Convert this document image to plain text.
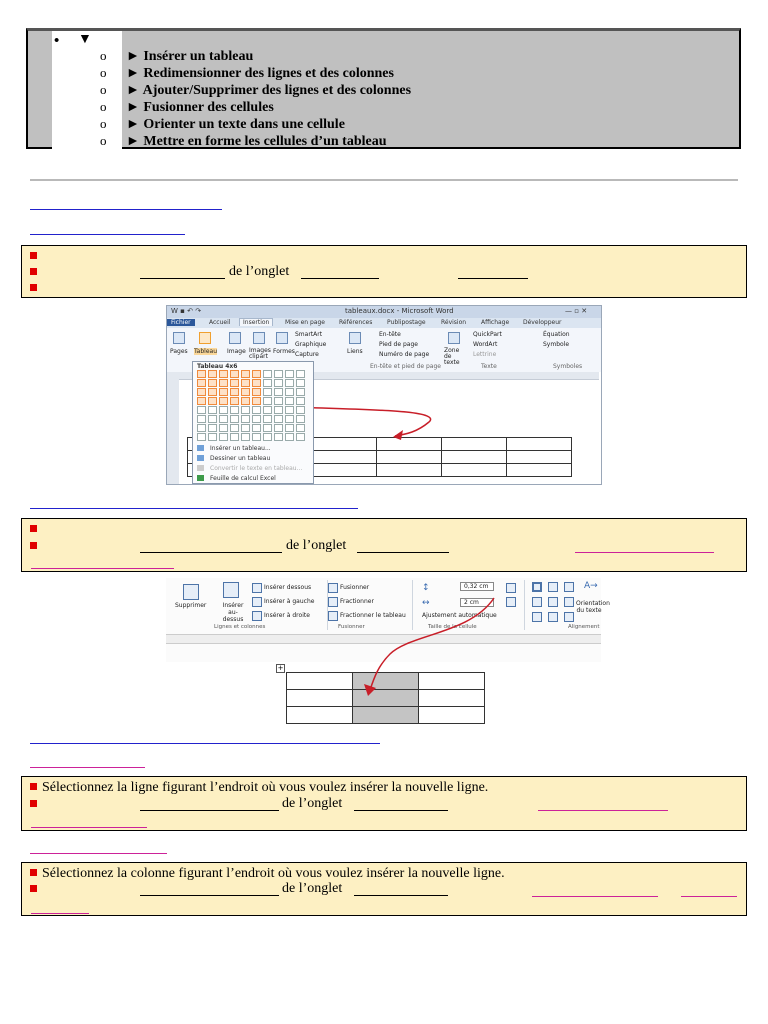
• ▼
o ► Insérer un tableau
o ► Redimensionner des lignes et des colonnes
o ► Ajouter/Supprimer des lignes et des colonnes
o ► Fusionner des cellules
o ► Orienter un texte dans une cellule
o ► Mettre en forme les cellules d’un tableau
de l’onglet
W ▪ ↶ ↷	tableaux.docx - Microsoft Word	— ▫ ✕
Fichier	Accueil	Insertion	Mise en page Références Publipostage	Révision Affichage Développeur
Pages Tableau Image Images clipart
Formes
SmartArt
Graphique
Capture	Liens
En-tête
Pied de page
Numéro de page
En-tête et pied de page
Zone de texte
QuickPart
WordArt
Lettrine
Texte
Équation
Symbole
Symboles

Tableau 4x6
Insérer un tableau...
Dessiner un tableau
Convertir le texte en tableau...
Feuille de calcul Excel
de l’onglet
Supprimer	Insérer au-dessus
Insérer dessous
Insérer à gauche
Insérer à droite
Lignes et colonnes
Fusionner
Fractionner
Fractionner le tableau
Fusionner
↕	0,32 cm
↔	2 cm
Ajustement automatique
Taille de la cellule
A→
Orientation du texte
Alignement
+

Sélectionnez la ligne figurant l’endroit où vous voulez insérer la nouvelle ligne.
de l’onglet
Sélectionnez la colonne figurant l’endroit où vous voulez insérer la nouvelle ligne.
de l’onglet
